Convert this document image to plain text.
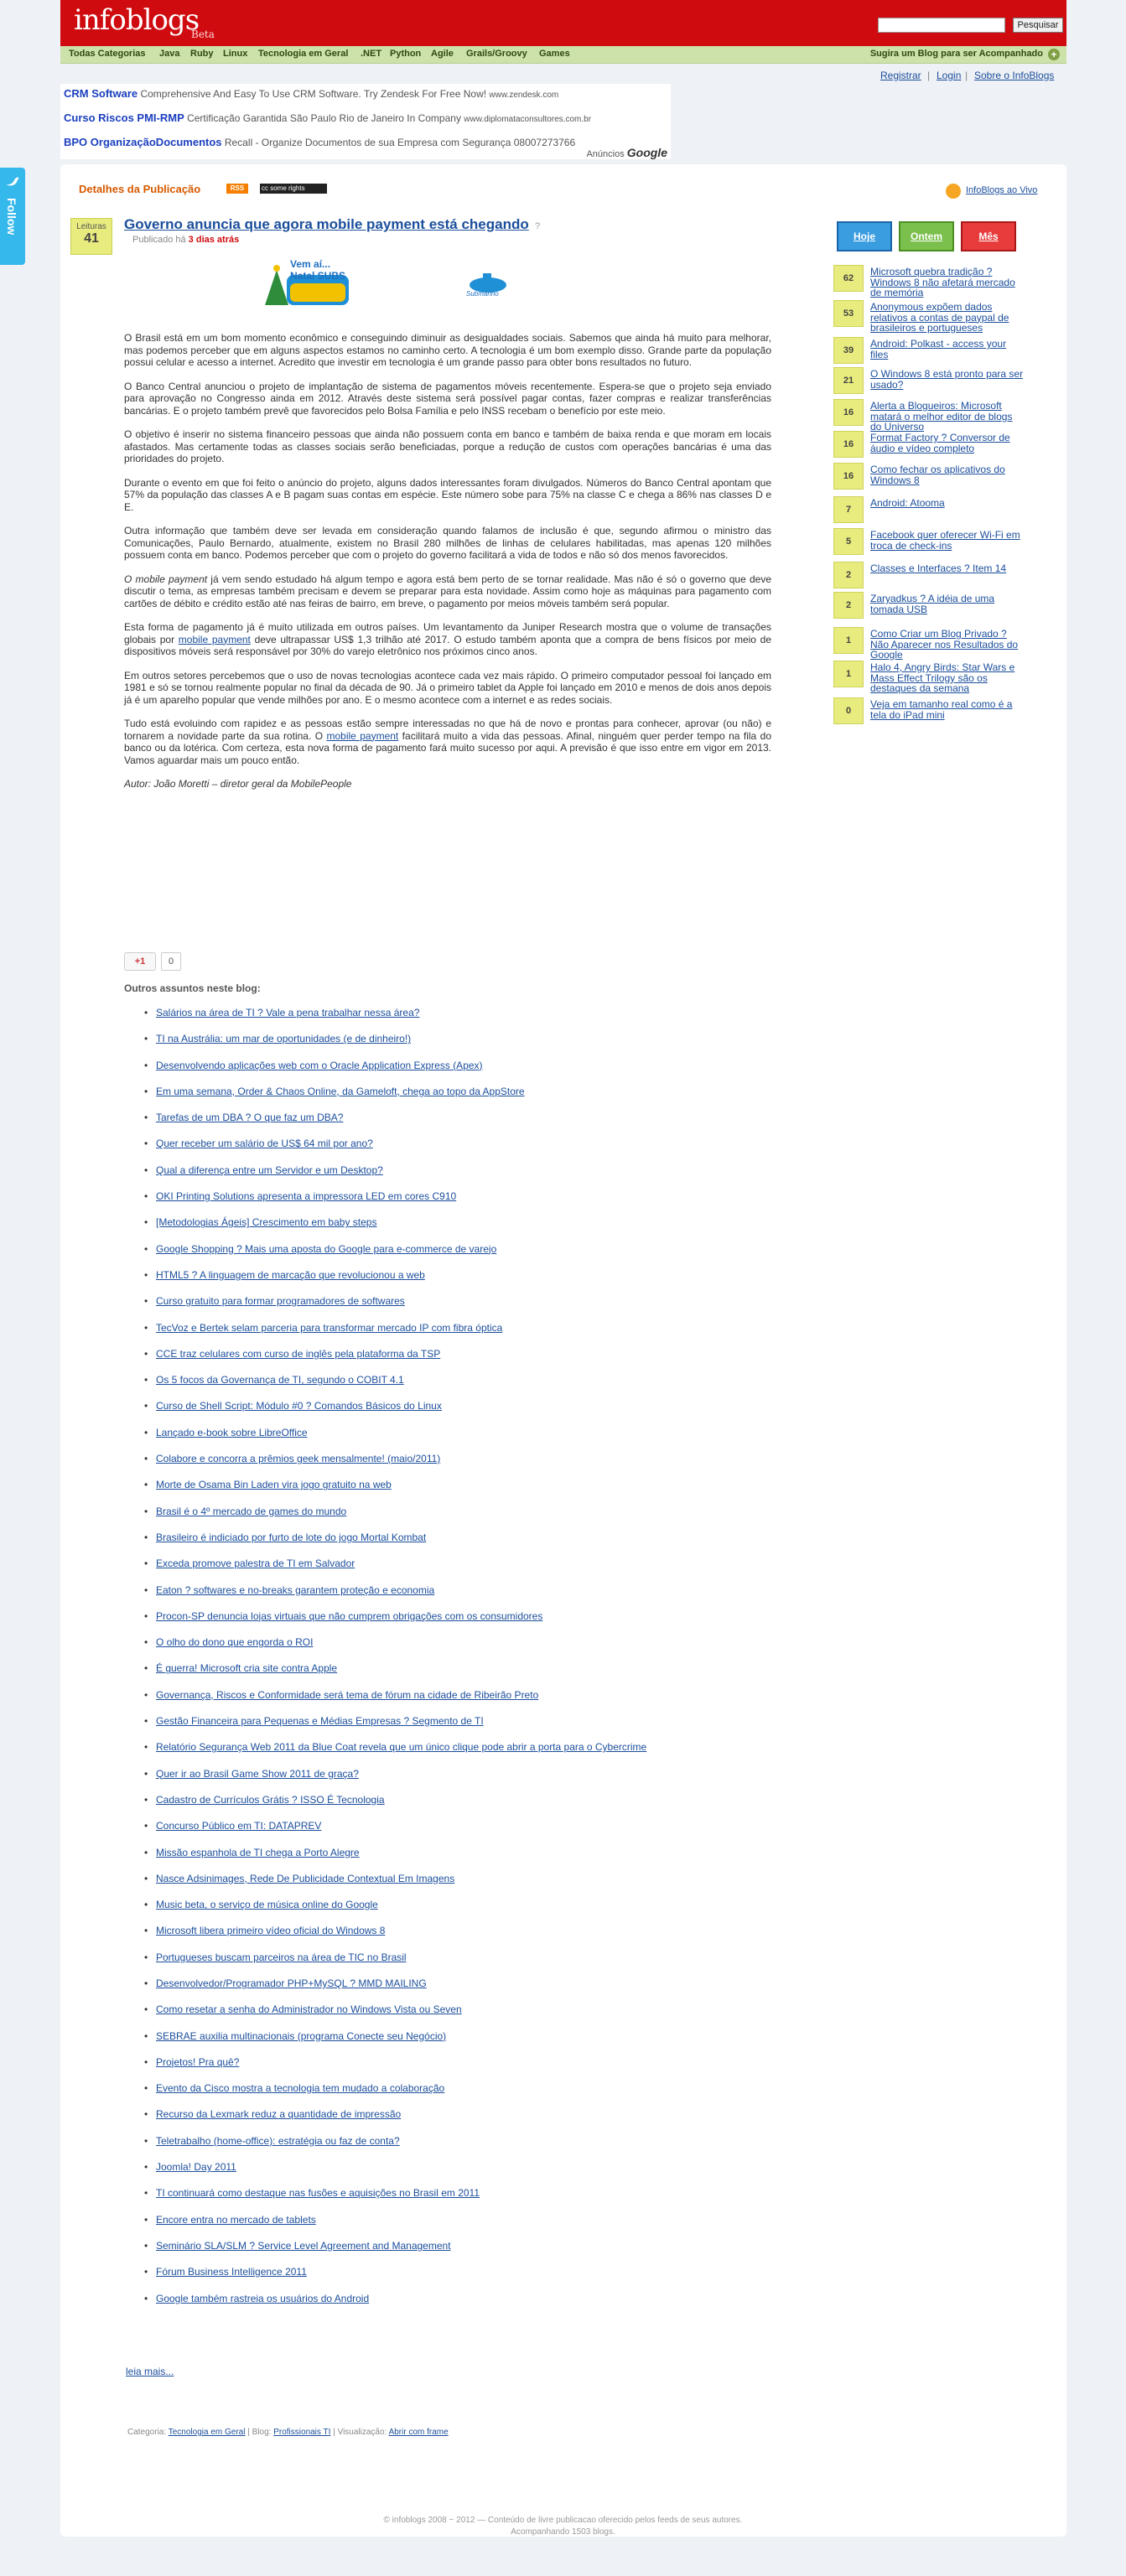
infoblogs
Beta
Pesquisar
Todas Categorias Java Ruby Linux Tecnologia em Geral .NET Python Agile Grails/Groovy Games	Sugira um Blog para ser Acompanhado +
Registrar | Login | Sobre o InfoBlogs
CRM Software Comprehensive And Easy To Use CRM Software. Try Zendesk For Free Now! www.zendesk.com
Curso Riscos PMI-RMP Certificação Garantida São Paulo Rio de Janeiro In Company www.diplomataconsultores.com.br
BPO OrganizaçãoDocumentos Recall - Organize Documentos de sua Empresa com Segurança 08007273766
Anúncios Google
Follow
Detalhes da Publicação	RSS	cc some rights	InfoBlogs ao Vivo
Leituras
41
Governo anuncia que agora mobile payment está chegando ?
Publicado há 3 dias atrás
Vem aí... Natal SUBS
Submarino

O Brasil está em um bom momento econômico e conseguindo diminuir as desigualdades sociais. Sabemos que ainda há muito para melhorar, mas podemos perceber que em alguns aspectos estamos no caminho certo. A tecnologia é um bom exemplo disso. Grande parte da população possui celular e acesso a internet. Acredito que investir em tecnologia é um grande passo para obter bons resultados no futuro.

O Banco Central anunciou o projeto de implantação de sistema de pagamentos móveis recentemente. Espera-se que o projeto seja enviado para aprovação no Congresso ainda em 2012. Através deste sistema será possível pagar contas, fazer compras e realizar transferências bancárias. E o projeto também prevê que favorecidos pelo Bolsa Família e pelo INSS recebam o benefício por este meio.

O objetivo é inserir no sistema financeiro pessoas que ainda não possuem conta em banco e também de baixa renda e que moram em locais afastados. Mas certamente todas as classes sociais serão beneficiadas, porque a redução de custos com operações bancárias é uma das prioridades do projeto.

Durante o evento em que foi feito o anúncio do projeto, alguns dados interessantes foram divulgados. Números do Banco Central apontam que 57% da população das classes A e B pagam suas contas em espécie. Este número sobe para 75% na classe C e chega a 86% nas classes D e E.

Outra informação que também deve ser levada em consideração quando falamos de inclusão é que, segundo afirmou o ministro das Comunicações, Paulo Bernardo, atualmente, existem no Brasil 280 milhões de linhas de celulares habilitadas, mas apenas 120 milhões possuem conta em banco. Podemos perceber que com o projeto do governo facilitará a vida de todos e não só dos menos favorecidos.

O mobile payment já vem sendo estudado há algum tempo e agora está bem perto de se tornar realidade. Mas não é só o governo que deve discutir o tema, as empresas também precisam e devem se preparar para esta novidade. Assim como hoje as máquinas para pagamento com cartões de débito e crédito estão até nas feiras de bairro, em breve, o pagamento por meios móveis também será popular.

Esta forma de pagamento já é muito utilizada em outros países. Um levantamento da Juniper Research mostra que o volume de transações globais por mobile payment deve ultrapassar US$ 1,3 trilhão até 2017. O estudo também aponta que a compra de bens físicos por meio de dispositivos móveis será responsável por 30% do varejo eletrônico nos próximos cinco anos.

Em outros setores percebemos que o uso de novas tecnologias acontece cada vez mais rápido. O primeiro computador pessoal foi lançado em 1981 e só se tornou realmente popular no final da década de 90. Já o primeiro tablet da Apple foi lançado em 2010 e menos de dois anos depois já é um aparelho popular que vende milhões por ano. E o mesmo acontece com a internet e as redes sociais.

Tudo está evoluindo com rapidez e as pessoas estão sempre interessadas no que há de novo e prontas para conhecer, aprovar (ou não) e tornarem a novidade parte da sua rotina. O mobile payment facilitará muito a vida das pessoas. Afinal, ninguém quer perder tempo na fila do banco ou da lotérica. Com certeza, esta nova forma de pagamento fará muito sucesso por aqui. A previsão é que isso entre em vigor em 2013. Vamos aguardar mais um pouco então.

Autor: João Moretti – diretor geral da MobilePeople

+1	0
Outros assuntos neste blog:
• Salários na área de TI ? Vale a pena trabalhar nessa área?
• TI na Austrália: um mar de oportunidades (e de dinheiro!)
• Desenvolvendo aplicações web com o Oracle Application Express (Apex)
• Em uma semana, Order & Chaos Online, da Gameloft, chega ao topo da AppStore
• Tarefas de um DBA ? O que faz um DBA?
• Quer receber um salário de US$ 64 mil por ano?
• Qual a diferença entre um Servidor e um Desktop?
• OKI Printing Solutions apresenta a impressora LED em cores C910
• [Metodologias Ágeis] Crescimento em baby steps
• Google Shopping ? Mais uma aposta do Google para e-commerce de varejo
• HTML5 ? A linguagem de marcação que revolucionou a web
• Curso gratuito para formar programadores de softwares
• TecVoz e Bertek selam parceria para transformar mercado IP com fibra óptica
• CCE traz celulares com curso de inglês pela plataforma da TSP
• Os 5 focos da Governança de TI, segundo o COBIT 4.1
• Curso de Shell Script: Módulo #0 ? Comandos Básicos do Linux
• Lançado e-book sobre LibreOffice
• Colabore e concorra a prêmios geek mensalmente! (maio/2011)
• Morte de Osama Bin Laden vira jogo gratuito na web
• Brasil é o 4º mercado de games do mundo
• Brasileiro é indiciado por furto de lote do jogo Mortal Kombat
• Exceda promove palestra de TI em Salvador
• Eaton ? softwares e no-breaks garantem proteção e economia
• Procon-SP denuncia lojas virtuais que não cumprem obrigações com os consumidores
• O olho do dono que engorda o ROI
• É guerra! Microsoft cria site contra Apple
• Governança, Riscos e Conformidade será tema de fórum na cidade de Ribeirão Preto
• Gestão Financeira para Pequenas e Médias Empresas ? Segmento de TI
• Relatório Segurança Web 2011 da Blue Coat revela que um único clique pode abrir a porta para o Cybercrime
• Quer ir ao Brasil Game Show 2011 de graça?
• Cadastro de Currículos Grátis ? ISSO É Tecnologia
• Concurso Público em TI: DATAPREV
• Missão espanhola de TI chega a Porto Alegre
• Nasce Adsinimages, Rede De Publicidade Contextual Em Imagens
• Music beta, o serviço de música online do Google
• Microsoft libera primeiro vídeo oficial do Windows 8
• Portugueses buscam parceiros na área de TIC no Brasil
• Desenvolvedor/Programador PHP+MySQL ? MMD MAILING
• Como resetar a senha do Administrador no Windows Vista ou Seven
• SEBRAE auxilia multinacionais (programa Conecte seu Negócio)
• Projetos! Pra quê?
• Evento da Cisco mostra a tecnologia tem mudado a colaboração
• Recurso da Lexmark reduz a quantidade de impressão
• Teletrabalho (home-office): estratégia ou faz de conta?
• Joomla! Day 2011
• TI continuará como destaque nas fusões e aquisições no Brasil em 2011
• Encore entra no mercado de tablets
• Seminário SLA/SLM ? Service Level Agreement and Management
• Fórum Business Intelligence 2011
• Google também rastreia os usuários do Android
leia mais...
Categoria: Tecnologia em Geral | Blog: Profissionais TI | Visualização: Abrir com frame
Hoje	Ontem	Mês
62
Microsoft quebra tradição ? Windows 8 não afetará mercado de memória
53
Anonymous expõem dados relativos a contas de paypal de brasileiros e portugueses
39
Android: Polkast - access your files
21
O Windows 8 está pronto para ser usado?
16
Alerta a Blogueiros: Microsoft matará o melhor editor de blogs do Universo
16
Format Factory ? Conversor de áudio e vídeo completo
16
Como fechar os aplicativos do Windows 8
7
Android: Atooma
5
Facebook quer oferecer Wi-Fi em troca de check-ins
2
Classes e Interfaces ? Item 14
2
Zaryadkus ? A idéia de uma tomada USB
1
Como Criar um Blog Privado ? Não Aparecer nos Resultados do Google
1
Halo 4, Angry Birds: Star Wars e Mass Effect Trilogy são os destaques da semana
0
Veja em tamanho real como é a tela do iPad mini
© infoblogs 2008 ~ 2012 — Conteúdo de livre publicacao oferecido pelos feeds de seus autores.
Acompanhando 1503 blogs.
